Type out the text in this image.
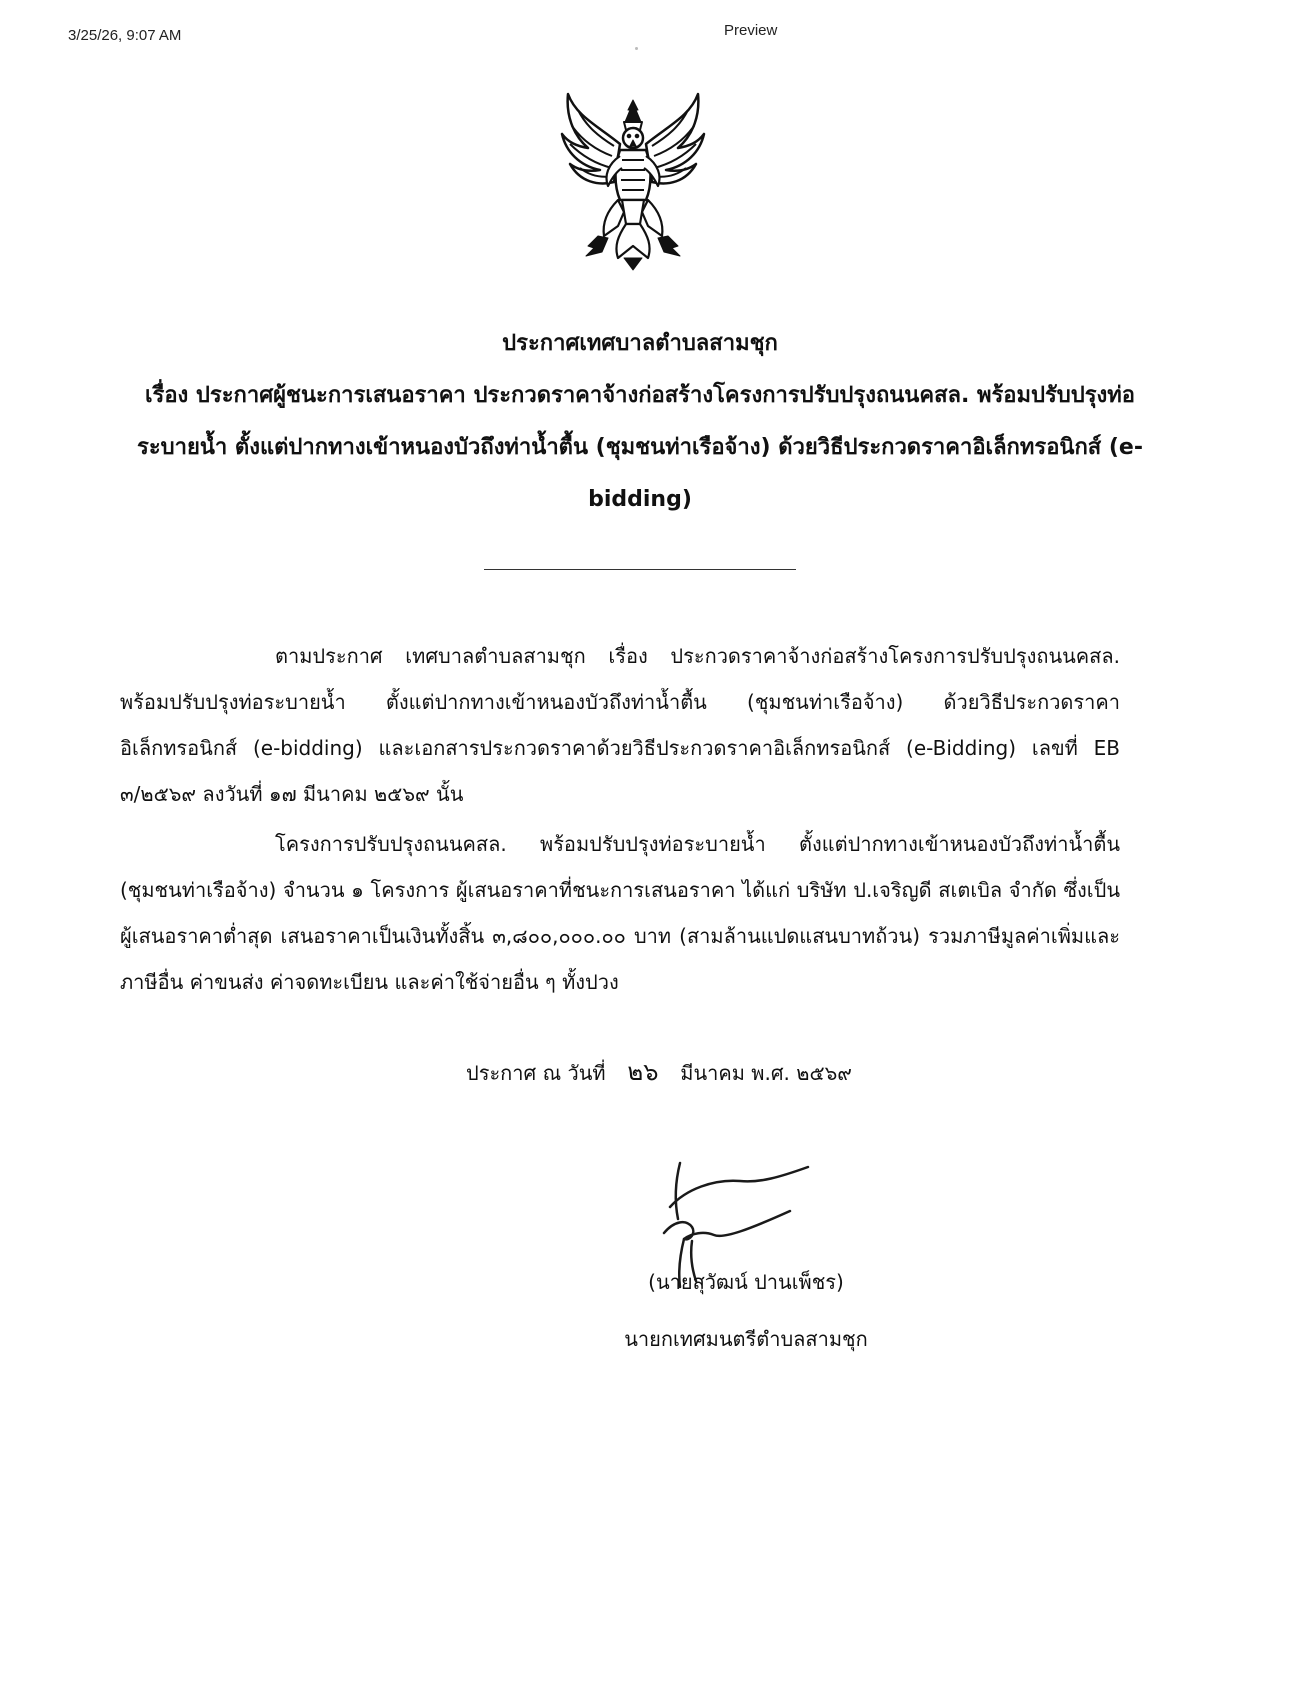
3/25/26, 9:07 AM	Preview
ประกาศเทศบาลตำบลสามชุก
เรื่อง ประกาศผู้ชนะการเสนอราคา ประกวดราคาจ้างก่อสร้างโครงการปรับปรุงถนนคสล. พร้อมปรับปรุงท่อระบายน้ำ ตั้งแต่ปากทางเข้าหนองบัวถึงท่าน้ำตื้น (ชุมชนท่าเรือจ้าง) ด้วยวิธีประกวดราคาอิเล็กทรอนิกส์ (e-bidding)

ตามประกาศ เทศบาลตำบลสามชุก เรื่อง ประกวดราคาจ้างก่อสร้างโครงการปรับปรุงถนนคสล. พร้อมปรับปรุงท่อระบายน้ำ ตั้งแต่ปากทางเข้าหนองบัวถึงท่าน้ำตื้น (ชุมชนท่าเรือจ้าง) ด้วยวิธีประกวดราคาอิเล็กทรอนิกส์ (e-bidding) และเอกสารประกวดราคาด้วยวิธีประกวดราคาอิเล็กทรอนิกส์ (e-Bidding) เลขที่ EB ๓/๒๕๖๙ ลงวันที่ ๑๗ มีนาคม ๒๕๖๙ นั้น

โครงการปรับปรุงถนนคสล. พร้อมปรับปรุงท่อระบายน้ำ ตั้งแต่ปากทางเข้าหนองบัวถึงท่าน้ำตื้น (ชุมชนท่าเรือจ้าง) จำนวน ๑ โครงการ ผู้เสนอราคาที่ชนะการเสนอราคา ได้แก่ บริษัท ป.เจริญดี สเตเบิล จำกัด ซึ่งเป็นผู้เสนอราคาต่ำสุด เสนอราคาเป็นเงินทั้งสิ้น ๓,๘๐๐,๐๐๐.๐๐ บาท (สามล้านแปดแสนบาทถ้วน) รวมภาษีมูลค่าเพิ่มและภาษีอื่น ค่าขนส่ง ค่าจดทะเบียน และค่าใช้จ่ายอื่น ๆ ทั้งปวง

ประกาศ ณ วันที่ ๒๖ มีนาคม พ.ศ. ๒๕๖๙
(นายสุวัฒน์ ปานเพ็ชร)
นายกเทศมนตรีตำบลสามชุก
